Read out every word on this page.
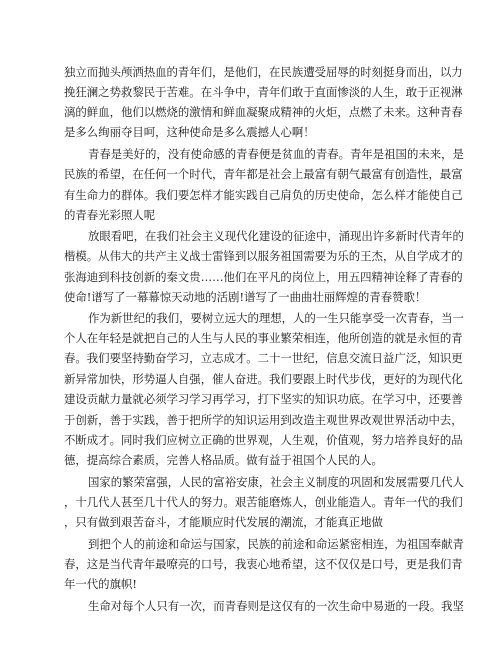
独立而抛头颅洒热血的青年们，是他们，在民族遭受屈辱的时刻挺身而出，以力
挽狂澜之势救黎民于苦难。在斗争中，青年们敢于直面惨淡的人生，敢于正视淋
漓的鲜血，他们以燃烧的激情和鲜血凝聚成精神的火炬，点燃了未来。这种青春
是多么绚丽夺目呵，这种使命是多么震撼人心啊！
青春是美好的，没有使命感的青春便是贫血的青春。青年是祖国的未来，是
民族的希望，在任何一个时代，青年都是社会上最富有朝气最富有创造性，最富
有生命力的群体。我们要怎样才能实践自己肩负的历史使命，怎么样才能使自己
的青春光彩照人呢
放眼看吧，在我们社会主义现代化建设的征途中，涌现出许多新时代青年的
楷模。从伟大的共产主义战士雷锋到以服务祖国需要为乐的王杰，从自学成才的
张海迪到科技创新的秦文贵……他们在平凡的岗位上，用五四精神诠释了青春的
使命!谱写了一幕幕惊天动地的活剧!谱写了一曲曲壮丽辉煌的青春赞歌！
作为新世纪的我们，要树立远大的理想，人的一生只能享受一次青春，当一
个人在年轻是就把自己的人生与人民的事业繁荣相连，他所创造的就是永恒的青
春。我们要坚持勤奋学习，立志成才。二十一世纪，信息交流日益广泛，知识更
新异常加快，形势逼人自强，催人奋进。我们要跟上时代步伐，更好的为现代化
建设贡献力量就必须学习学习再学习，打下坚实的知识功底。在学习中，还要善
于创新，善于实践，善于把所学的知识运用到改造主观世界改观世界活动中去，
不断成才。同时我们应树立正确的世界观，人生观，价值观，努力培养良好的品
德，提高综合素质，完善人格品质。做有益于祖国个人民的人。
国家的繁荣富强，人民的富裕安康，社会主义制度的巩固和发展需要几代人
，十几代人甚至几十代人的努力。艰苦能磨炼人，创业能造人。青年一代的我们
，只有做到艰苦奋斗，才能顺应时代发展的潮流，才能真正地做
到把个人的前途和命运与国家，民族的前途和命运紧密相连，为祖国奉献青
春，这是当代青年最嘹亮的口号，我衷心地希望，这不仅仅是口号，更是我们青
年一代的旗帜!
生命对每个人只有一次，而青春则是这仅有的一次生命中易逝的一段。我坚
